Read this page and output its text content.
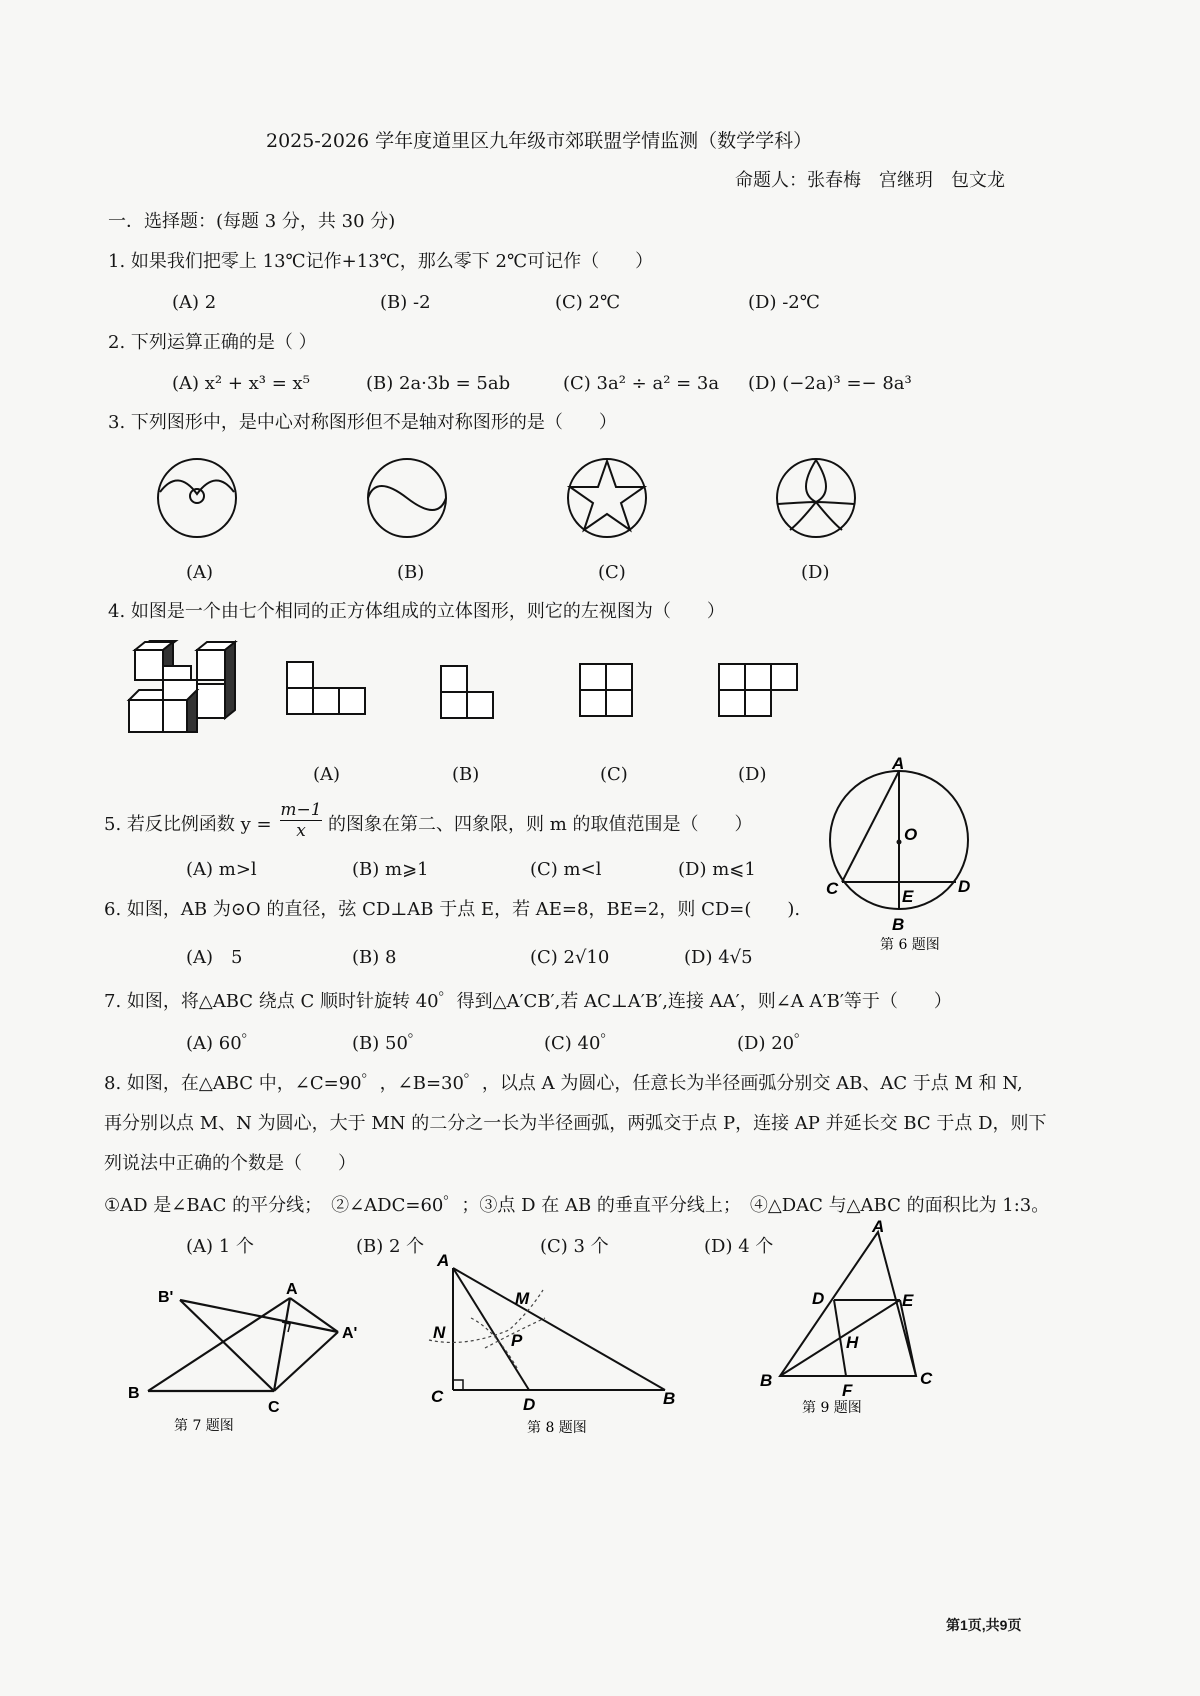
2025-2026 学年度道里区九年级市郊联盟学情监测（数学学科）
命题人：张春梅　宫继玥　包文龙
一．选择题：(每题 3 分，共 30 分)
1. 如果我们把零上 13℃记作+13℃，那么零下 2℃可记作（　　）
(A) 2	(B) -2	(C) 2℃	(D) -2℃
2. 下列运算正确的是（ ）
(A) x² + x³ = x⁵	(B) 2a·3b = 5ab	(C) 3a² ÷ a² = 3a (D) (−2a)³ =− 8a³
3. 下列图形中，是中心对称图形但不是轴对称图形的是（　　）
(A)	(B)	(C)	(D)
4. 如图是一个由七个相同的正方体组成的立体图形，则它的左视图为（　　）
(A)	(B)	(C)	(D)
5. 若反比例函数 $y = \frac{m-1}{x}$ 的图象在第二、四象限，则 m 的取值范围是（　　）
(A) m>l	(B) m⩾1	(C) m<l	(D) m⩽1
A
O
C	E
D
B
第 6 题图
6. 如图，AB 为⊙O 的直径，弦 CD⊥AB 于点 E，若 AE=8，BE=2，则 CD=(　　).
(A)　5	(B) 8	(C) 2√10	(D) 4√5
7. 如图，将△ABC 绕点 C 顺时针旋转 40゜得到△A′CB′,若 AC⊥A′B′,连接 AA′，则∠A A′B′等于（　　）
(A) 60゜	(B) 50゜	(C) 40゜	(D) 20゜
8. 如图，在△ABC 中，∠C=90゜，∠B=30゜，以点 A 为圆心，任意长为半径画弧分别交 AB、AC 于点 M 和 N,
再分别以点 M、N 为圆心，大于 MN 的二分之一长为半径画弧，两弧交于点 P，连接 AP 并延长交 BC 于点 D，则下
列说法中正确的个数是（　　）
①AD 是∠BAC 的平分线；　②∠ADC=60゜；③点 D 在 AB 的垂直平分线上；　④△DAC 与△ABC 的面积比为 1:3。
(A) 1 个	(B) 2 个	(C) 3 个	(D) 4 个
B'	A
A'
B
C
第 7 题图
A
M
N	P
C	D	B
第 8 题图
A
D	E
H
B
F
C
第 9 题图
第1页,共9页
